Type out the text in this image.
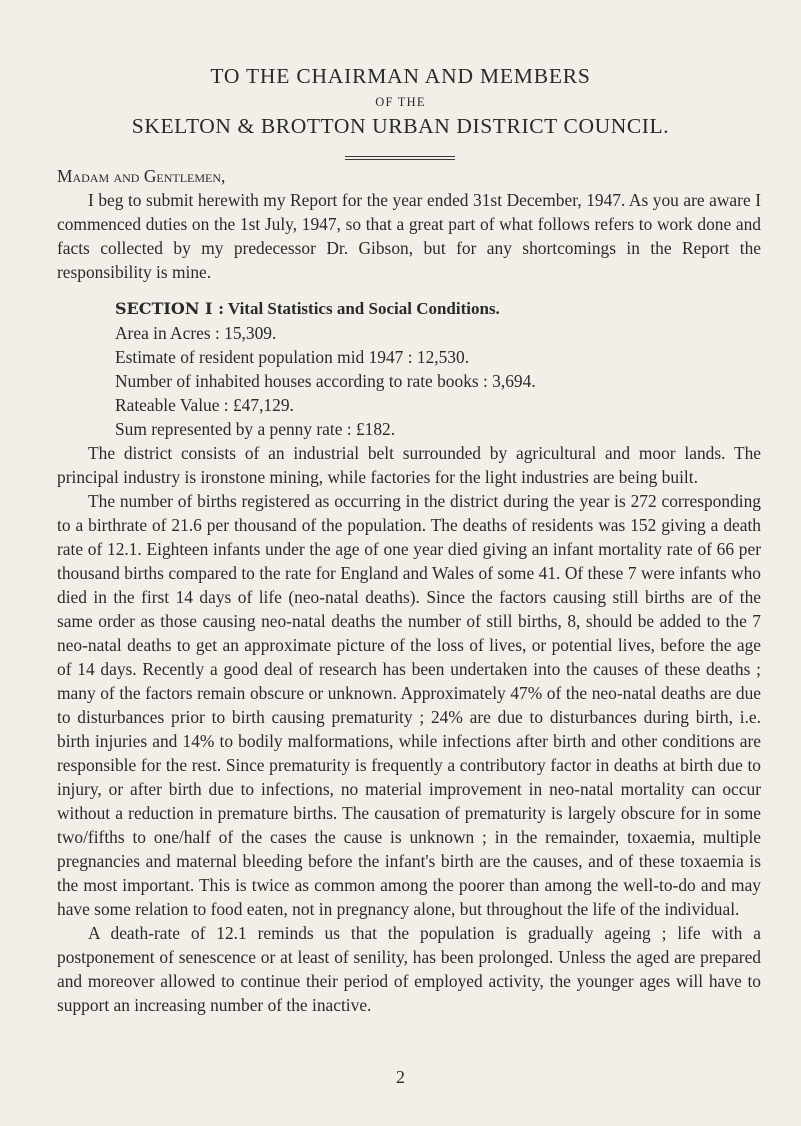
TO THE CHAIRMAN AND MEMBERS
OF THE
SKELTON & BROTTON URBAN DISTRICT COUNCIL.
Madam and Gentlemen,

I beg to submit herewith my Report for the year ended 31st December, 1947. As you are aware I commenced duties on the 1st July, 1947, so that a great part of what follows refers to work done and facts collected by my predecessor Dr. Gibson, but for any shortcomings in the Report the responsibility is mine.

SECTION I : Vital Statistics and Social Conditions.
Area in Acres : 15,309.
Estimate of resident population mid 1947 : 12,530.
Number of inhabited houses according to rate books : 3,694.
Rateable Value : £47,129.
Sum represented by a penny rate : £182.

The district consists of an industrial belt surrounded by agricultural and moor lands. The principal industry is ironstone mining, while factories for the light industries are being built.

The number of births registered as occurring in the district during the year is 272 corresponding to a birthrate of 21.6 per thousand of the population. The deaths of residents was 152 giving a death rate of 12.1. Eighteen infants under the age of one year died giving an infant mortality rate of 66 per thousand births compared to the rate for England and Wales of some 41. Of these 7 were infants who died in the first 14 days of life (neo-natal deaths). Since the factors causing still births are of the same order as those causing neo-natal deaths the number of still births, 8, should be added to the 7 neo-natal deaths to get an approximate picture of the loss of lives, or potential lives, before the age of 14 days. Recently a good deal of research has been undertaken into the causes of these deaths ; many of the factors remain obscure or unknown. Approximately 47% of the neo-natal deaths are due to disturbances prior to birth causing prematurity ; 24% are due to disturbances during birth, i.e. birth injuries and 14% to bodily malformations, while infections after birth and other conditions are responsible for the rest. Since prematurity is frequently a contributory factor in deaths at birth due to injury, or after birth due to infections, no material improvement in neo-natal mortality can occur without a reduction in premature births. The causation of prematurity is largely obscure for in some two/fifths to one/half of the cases the cause is unknown ; in the remainder, toxaemia, multiple pregnancies and maternal bleeding before the infant's birth are the causes, and of these toxaemia is the most important. This is twice as common among the poorer than among the well-to-do and may have some relation to food eaten, not in pregnancy alone, but throughout the life of the individual.

A death-rate of 12.1 reminds us that the population is gradually ageing ; life with a postponement of senescence or at least of senility, has been prolonged. Unless the aged are prepared and moreover allowed to continue their period of employed activity, the younger ages will have to support an increasing number of the inactive.

2
